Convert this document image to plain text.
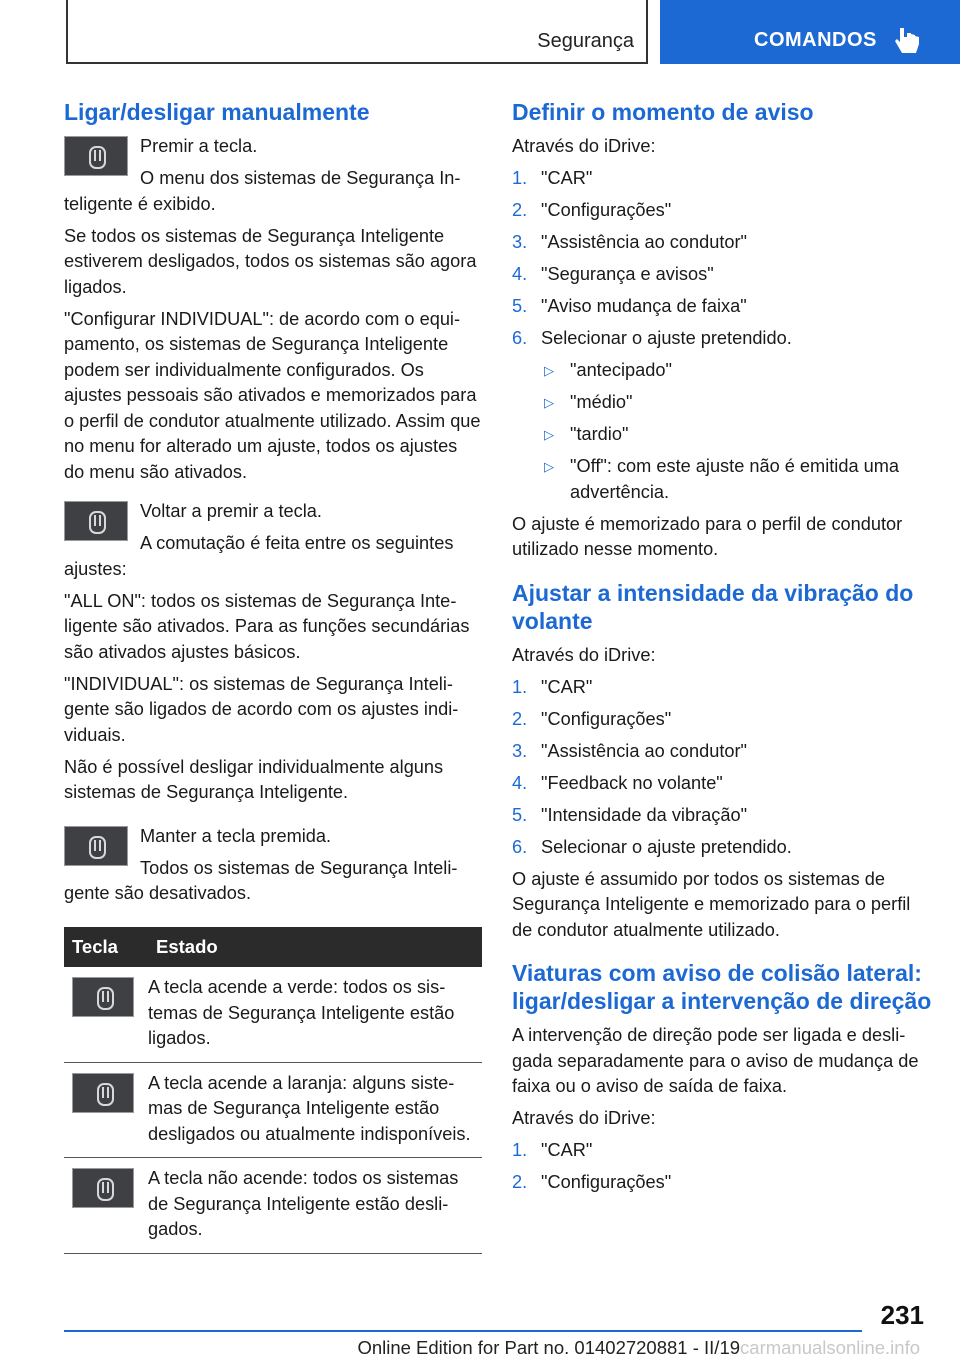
Segurança	COMANDOS
Ligar/desligar manualmente

Premir a tecla.

O menu dos sistemas de Segurança Inteligente é exibido.

Se todos os sistemas de Segurança Inteligente estiverem desligados, todos os sistemas são agora ligados.

"Configurar INDIVIDUAL": de acordo com o equipamento, os sistemas de Segurança Inteligente podem ser individualmente configurados. Os ajustes pessoais são ativados e memorizados para o perfil de condutor atualmente utilizado. Assim que no menu for alterado um ajuste, todos os ajustes do menu são ativados.

Voltar a premir a tecla.

A comutação é feita entre os seguintes ajustes:

"ALL ON": todos os sistemas de Segurança Inteligente são ativados. Para as funções secundárias são ativados ajustes básicos.

"INDIVIDUAL": os sistemas de Segurança Inteligente são ligados de acordo com os ajustes individuais.

Não é possível desligar individualmente alguns sistemas de Segurança Inteligente.

Manter a tecla premida.

Todos os sistemas de Segurança Inteligente são desativados.

Tecla	Estado

	A tecla acende a verde: todos os sistemas de Segurança Inteligente estão ligados.

	A tecla acende a laranja: alguns sistemas de Segurança Inteligente estão desligados ou atualmente indisponíveis.

	A tecla não acende: todos os sistemas de Segurança Inteligente estão desligados.
Definir o momento de aviso

Através do iDrive:

1. "CAR"
2. "Configurações"
3. "Assistência ao condutor"
4. "Segurança e avisos"
5. "Aviso mudança de faixa"
6. Selecionar o ajuste pretendido.
▷ "antecipado"
▷ "médio"
▷ "tardio"
▷ "Off": com este ajuste não é emitida uma advertência.

O ajuste é memorizado para o perfil de condutor utilizado nesse momento.

Ajustar a intensidade da vibração do volante

Através do iDrive:

1. "CAR"
2. "Configurações"
3. "Assistência ao condutor"
4. "Feedback no volante"
5. "Intensidade da vibração"
6. Selecionar o ajuste pretendido.

O ajuste é assumido por todos os sistemas de Segurança Inteligente e memorizado para o perfil de condutor atualmente utilizado.

Viaturas com aviso de colisão lateral: ligar/desligar a intervenção de direção

A intervenção de direção pode ser ligada e desligada separadamente para o aviso de mudança de faixa ou o aviso de saída de faixa.

Através do iDrive:

1. "CAR"
2. "Configurações"
231
Online Edition for Part no. 01402720881 - II/19carmanualsonline.info
